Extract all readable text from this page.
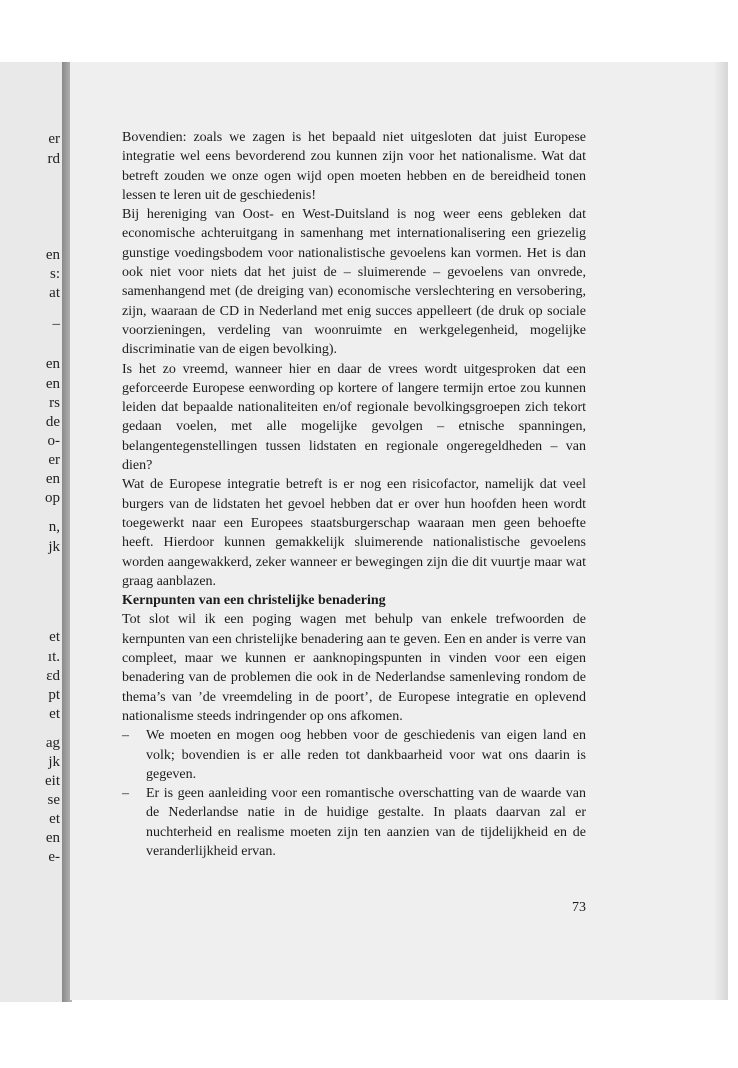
er
rd
en
s:
at
–
en
en
rs
de
o-
er
en
op
n,
jk
et
ıt.
ɛd
pt
et
ag
jk
eit
se
et
en
e-

Bovendien: zoals we zagen is het bepaald niet uitgesloten dat juist Europese integratie wel eens bevorderend zou kunnen zijn voor het nationalisme. Wat dat betreft zouden we onze ogen wijd open moeten hebben en de bereidheid tonen lessen te leren uit de geschiedenis!

Bij hereniging van Oost- en West-Duitsland is nog weer eens gebleken dat economische achteruitgang in samenhang met internationalisering een griezelig gunstige voedingsbodem voor nationalistische gevoelens kan vormen. Het is dan ook niet voor niets dat het juist de – sluimerende – gevoelens van onvrede, samenhangend met (de dreiging van) economische verslechtering en versobering, zijn, waaraan de CD in Nederland met enig succes appelleert (de druk op sociale voorzieningen, verdeling van woonruimte en werkgelegenheid, mogelijke discriminatie van de eigen bevolking).

Is het zo vreemd, wanneer hier en daar de vrees wordt uitgesproken dat een geforceerde Europese eenwording op kortere of langere termijn ertoe zou kunnen leiden dat bepaalde nationaliteiten en/of regionale bevolkingsgroepen zich tekort gedaan voelen, met alle mogelijke gevolgen – etnische spanningen, belangentegenstellingen tussen lidstaten en regionale ongeregeldheden – van dien?

Wat de Europese integratie betreft is er nog een risicofactor, namelijk dat veel burgers van de lidstaten het gevoel hebben dat er over hun hoofden heen wordt toegewerkt naar een Europees staatsburgerschap waaraan men geen behoefte heeft. Hierdoor kunnen gemakkelijk sluimerende nationalistische gevoelens worden aangewakkerd, zeker wanneer er bewegingen zijn die dit vuurtje maar wat graag aanblazen.

Kernpunten van een christelijke benadering

Tot slot wil ik een poging wagen met behulp van enkele trefwoorden de kernpunten van een christelijke benadering aan te geven. Een en ander is verre van compleet, maar we kunnen er aanknopingspunten in vinden voor een eigen benadering van de problemen die ook in de Nederlandse samenleving rondom de thema’s van ’de vreemdeling in de poort’, de Europese integratie en oplevend nationalisme steeds indringender op ons afkomen.

– We moeten en mogen oog hebben voor de geschiedenis van eigen land en volk; bovendien is er alle reden tot dankbaarheid voor wat ons daarin is gegeven.

– Er is geen aanleiding voor een romantische overschatting van de waarde van de Nederlandse natie in de huidige gestalte. In plaats daarvan zal er nuchterheid en realisme moeten zijn ten aanzien van de tijdelijkheid en de veranderlijkheid ervan.

73
